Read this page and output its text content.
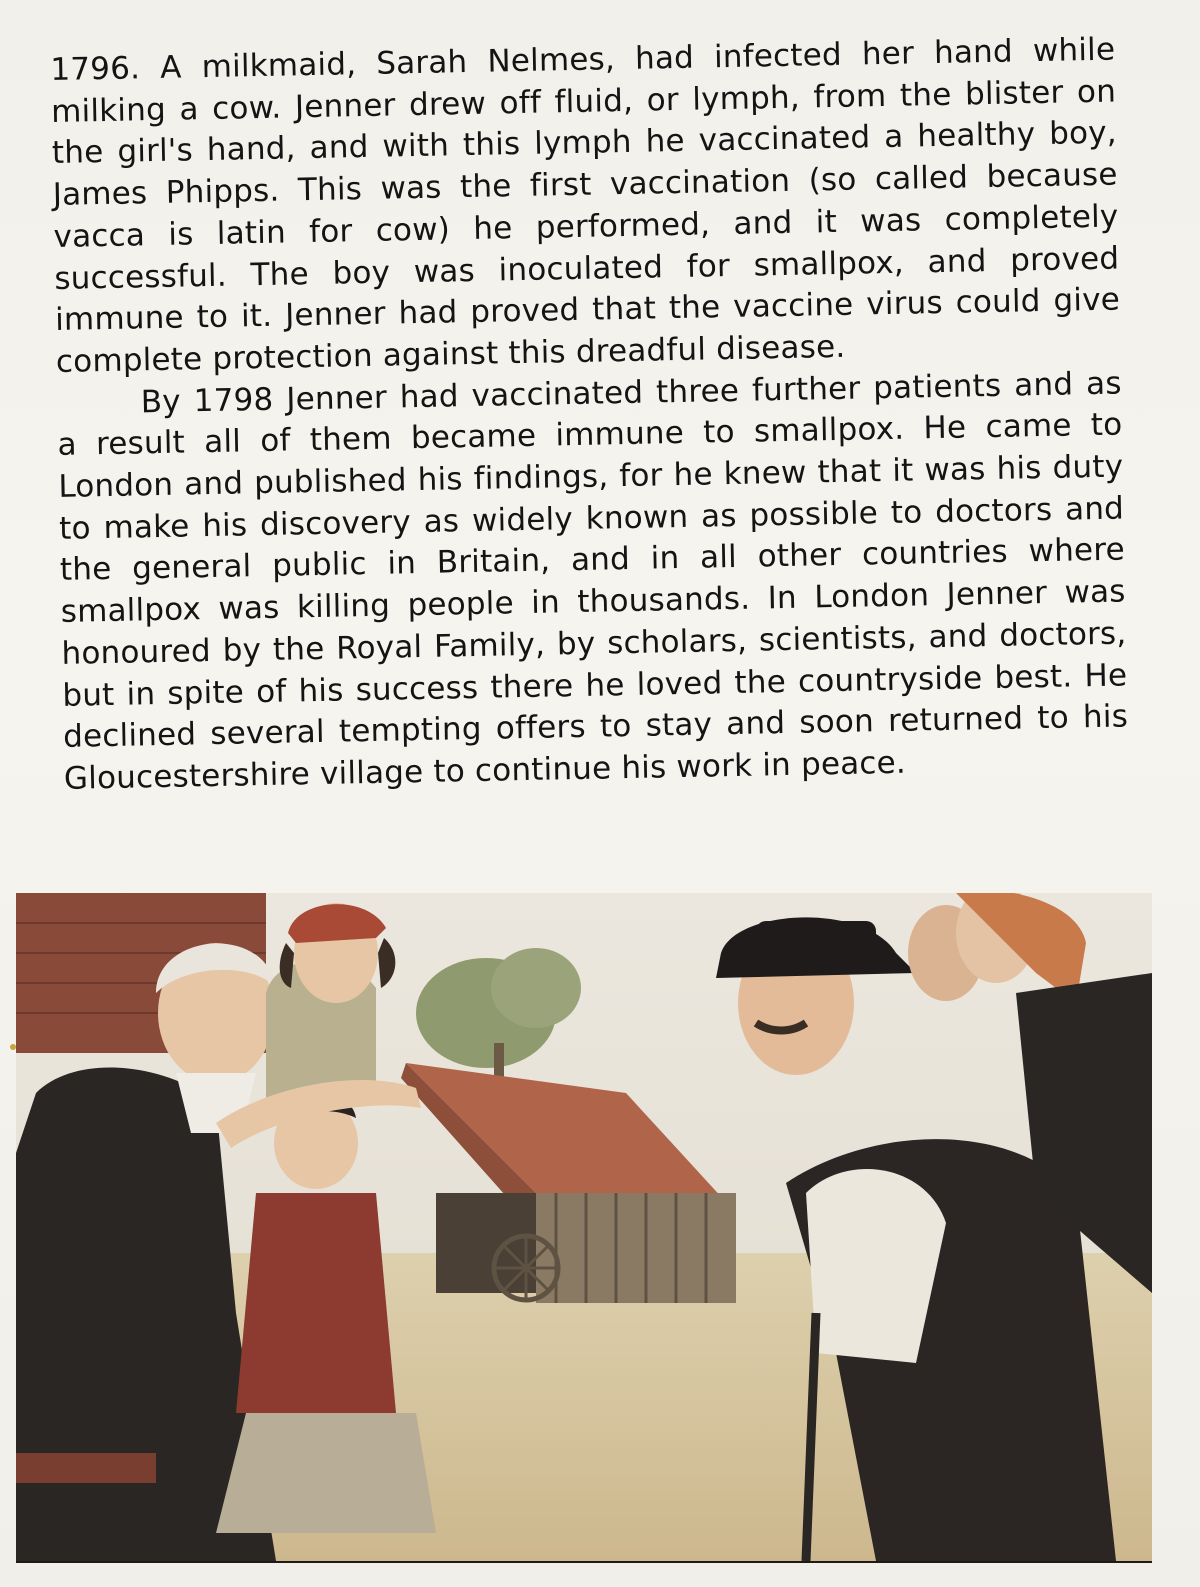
1796. A milkmaid, Sarah Nelmes, had infected her hand while milking a cow. Jenner drew off fluid, or lymph, from the blister on the girl's hand, and with this lymph he vaccinated a healthy boy, James Phipps. This was the first vaccination (so called because vacca is latin for cow) he performed, and it was completely successful. The boy was inoculated for smallpox, and proved immune to it. Jenner had proved that the vaccine virus could give complete protection against this dreadful disease.

By 1798 Jenner had vaccinated three further patients and as a result all of them became immune to smallpox. He came to London and published his findings, for he knew that it was his duty to make his discovery as widely known as possible to doctors and the general public in Britain, and in all other countries where smallpox was killing people in thousands. In London Jenner was honoured by the Royal Family, by scholars, scientists, and doctors, but in spite of his success there he loved the countryside best. He declined several tempting offers to stay and soon returned to his Gloucestershire village to continue his work in peace.
